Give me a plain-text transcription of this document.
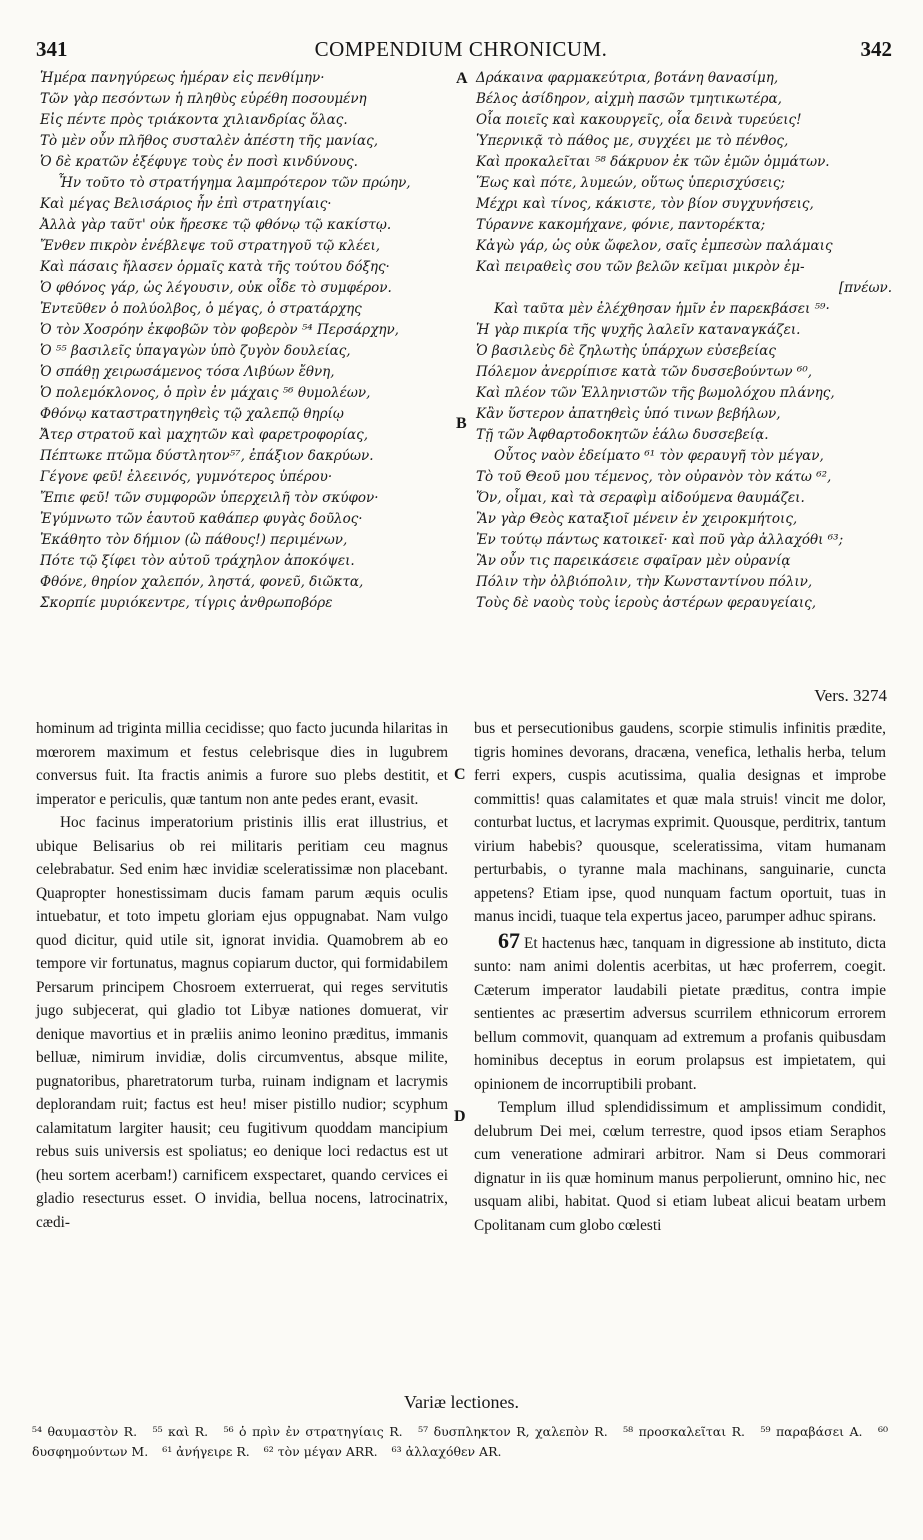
341	COMPENDIUM CHRONICUM.	342
Ἡμέρα πανηγύρεως ἡμέραν εἰς πενθίμην·
Τῶν γὰρ πεσόντων ἡ πληθὺς εὑρέθη ποσουμένη
Εἰς πέντε πρὸς τριάκοντα χιλιανδρίας ὅλας.
Τὸ μὲν οὖν πλῆθος συσταλὲν ἀπέστη τῆς μανίας,
Ὁ δὲ κρατῶν ἐξέφυγε τοὺς ἐν ποσὶ κινδύνους.
Ἦν τοῦτο τὸ στρατήγημα λαμπρότερον τῶν πρώην,
Καὶ μέγας Βελισάριος ἦν ἐπὶ στρατηγίαις·
Ἀλλὰ γὰρ ταῦτ' οὐκ ἤρεσκε τῷ φθόνῳ τῷ κακίστῳ.
Ἔνθεν πικρὸν ἐνέβλεψε τοῦ στρατηγοῦ τῷ κλέει,
Καὶ πάσαις ἤλασεν ὁρμαῖς κατὰ τῆς τούτου δόξης·
Ὁ φθόνος γάρ, ὡς λέγουσιν, οὐκ οἶδε τὸ συμφέρον.
Ἐντεῦθεν ὁ πολύολβος, ὁ μέγας, ὁ στρατάρχης
Ὁ τὸν Χοσρόην ἐκφοβῶν τὸν φοβερὸν ⁵⁴ Περσάρχην,
Ὁ ⁵⁵ βασιλεῖς ὑπαγαγὼν ὑπὸ ζυγὸν δουλείας,
Ὁ σπάθῃ χειρωσάμενος τόσα Λιβύων ἔθνη,
Ὁ πολεμόκλονος, ὁ πρὶν ἐν μάχαις ⁵⁶ θυμολέων,
Φθόνῳ καταστρατηγηθεὶς τῷ χαλεπῷ θηρίῳ
Ἄτερ στρατοῦ καὶ μαχητῶν καὶ φαρετροφορίας,
Πέπτωκε πτῶμα δύστλητον⁵⁷, ἐπάξιον δακρύων.
Γέγονε φεῦ! ἐλεεινός, γυμνότερος ὑπέρου·
Ἔπιε φεῦ! τῶν συμφορῶν ὑπερχειλῆ τὸν σκύφον·
Ἐγύμνωτο τῶν ἑαυτοῦ καθάπερ φυγὰς δοῦλος·
Ἐκάθητο τὸν δήμιον (ὢ πάθους!) περιμένων,
Πότε τῷ ξίφει τὸν αὐτοῦ τράχηλον ἀποκόψει.
Φθόνε, θηρίον χαλεπόν, ληστά, φονεῦ, διῶκτα,
Σκορπίε μυριόκεντρε, τίγρις ἀνθρωποβόρε
Δράκαινα φαρμακεύτρια, βοτάνη θανασίμη,
Βέλος ἀσίδηρον, αἰχμὴ πασῶν τμητικωτέρα,
Οἷα ποιεῖς καὶ κακουργεῖς, οἷα δεινὰ τυρεύεις!
Ὑπερνικᾷ τὸ πάθος με, συγχέει με τὸ πένθος,
Καὶ προκαλεῖται ⁵⁸ δάκρυον ἐκ τῶν ἐμῶν ὀμμάτων.
Ἕως καὶ πότε, λυμεών, οὕτως ὑπερισχύσεις;
Μέχρι καὶ τίνος, κάκιστε, τὸν βίον συγχυνήσεις,
Τύραννε κακομήχανε, φόνιε, παντορέκτα;
Κἀγὼ γάρ, ὡς οὐκ ὤφελον, σαῖς ἐμπεσὼν παλάμαις
Καὶ πειραθεὶς σου τῶν βελῶν κεῖμαι μικρὸν ἐμ-
[πνέων.
Καὶ ταῦτα μὲν ἐλέχθησαν ἡμῖν ἐν παρεκβάσει ⁵⁹·
Ἡ γὰρ πικρία τῆς ψυχῆς λαλεῖν καταναγκάζει.
Ὁ βασιλεὺς δὲ ζηλωτὴς ὑπάρχων εὐσεβείας
Πόλεμον ἀνερρίπισε κατὰ τῶν δυσσεβούντων ⁶⁰,
Καὶ πλέον τῶν Ἑλληνιστῶν τῆς βωμολόχου πλάνης,
Κἂν ὕστερον ἀπατηθεὶς ὑπό τινων βεβήλων,
Τῇ τῶν Ἀφθαρτοδοκητῶν ἑάλω δυσσεβείᾳ.
Οὗτος ναὸν ἐδείματο ⁶¹ τὸν φεραυγῆ τὸν μέγαν,
Τὸ τοῦ Θεοῦ μου τέμενος, τὸν οὐρανὸν τὸν κάτω ⁶²,
Ὅν, οἶμαι, καὶ τὰ σεραφὶμ αἰδούμενα θαυμάζει.
Ἂν γὰρ Θεὸς καταξιοῖ μένειν ἐν χειροκμήτοις,
Ἐν τούτῳ πάντως κατοικεῖ· καὶ ποῦ γὰρ ἀλλαχόθι ⁶³;
Ἂν οὖν τις παρεικάσειε σφαῖραν μὲν οὐρανίᾳ
Πόλιν τὴν ὀλβιόπολιν, τὴν Κωνσταντίνου πόλιν,
Τοὺς δὲ ναοὺς τοὺς ἱεροὺς ἀστέρων φεραυγείαις,
A
B
C
D
Vers. 3274

hominum ad triginta millia cecidisse; quo facto jucunda hilaritas in mœrorem maximum et festus celebrisque dies in lugubrem conversus fuit. Ita fractis animis a furore suo plebs destitit, et imperator e periculis, quæ tantum non ante pedes erant, evasit.

Hoc facinus imperatorium pristinis illis erat illustrius, et ubique Belisarius ob rei militaris peritiam ceu magnus celebrabatur. Sed enim hæc invidiæ sceleratissimæ non placebant. Quapropter honestissimam ducis famam parum æquis oculis intuebatur, et toto impetu gloriam ejus oppugnabat. Nam vulgo quod dicitur, quid utile sit, ignorat invidia. Quamobrem ab eo tempore vir fortunatus, magnus copiarum ductor, qui formidabilem Persarum principem Chosroem exterruerat, qui reges servitutis jugo subjecerat, qui gladio tot Libyæ nationes domuerat, vir denique mavortius et in præliis animo leonino præditus, immanis belluæ, nimirum invidiæ, dolis circumventus, absque milite, pugnatoribus, pharetratorum turba, ruinam indignam et lacrymis deplorandam ruit; factus est heu! miser pistillo nudior; scyphum calamitatum largiter hausit; ceu fugitivum quoddam mancipium rebus suis universis est spoliatus; eo denique loci redactus est ut (heu sortem acerbam!) carnificem exspectaret, quando cervices ei gladio resecturus esset. O invidia, bellua nocens, latrocinatrix, cædi-

bus et persecutionibus gaudens, scorpie stimulis infinitis prædite, tigris homines devorans, dracæna, venefica, lethalis herba, telum ferri expers, cuspis acutissima, qualia designas et improbe committis! quas calamitates et quæ mala struis! vincit me dolor, conturbat luctus, et lacrymas exprimit. Quousque, perditrix, tantum virium habebis? quousque, sceleratissima, vitam humanam perturbabis, o tyranne mala machinans, sanguinarie, cuncta appetens? Etiam ipse, quod nunquam factum oportuit, tuas in manus incidi, tuaque tela expertus jaceo, parumper adhuc spirans.

67 Et hactenus hæc, tanquam in digressione ab instituto, dicta sunto: nam animi dolentis acerbitas, ut hæc proferrem, coegit. Cæterum imperator laudabili pietate præditus, contra impie sentientes ac præsertim adversus scurrilem ethnicorum errorem bellum commovit, quanquam ad extremum a profanis quibusdam hominibus deceptus in eorum prolapsus est impietatem, qui opinionem de incorruptibili probant.

Templum illud splendidissimum et amplissimum condidit, delubrum Dei mei, cœlum terrestre, quod ipsos etiam Seraphos cum veneratione admirari arbitror. Nam si Deus commorari dignatur in iis quæ hominum manus perpolierunt, omnino hic, nec usquam alibi, habitat. Quod si etiam lubeat alicui beatam urbem Cpolitanam cum globo cœlesti

Variæ lectiones.
⁵⁴ θαυμαστὸν R. ⁵⁵ καὶ R. ⁵⁶ ὁ πρὶν ἐν στρατηγίαις R. ⁵⁷ δυσπληκτον R, χαλεπὸν R. ⁵⁸ προσκαλεῖται R. ⁵⁹ παραβάσει A. ⁶⁰ δυσφημούντων M. ⁶¹ ἀνήγειρε R. ⁶² τὸν μέγαν ARR. ⁶³ ἀλλαχόθεν AR.
